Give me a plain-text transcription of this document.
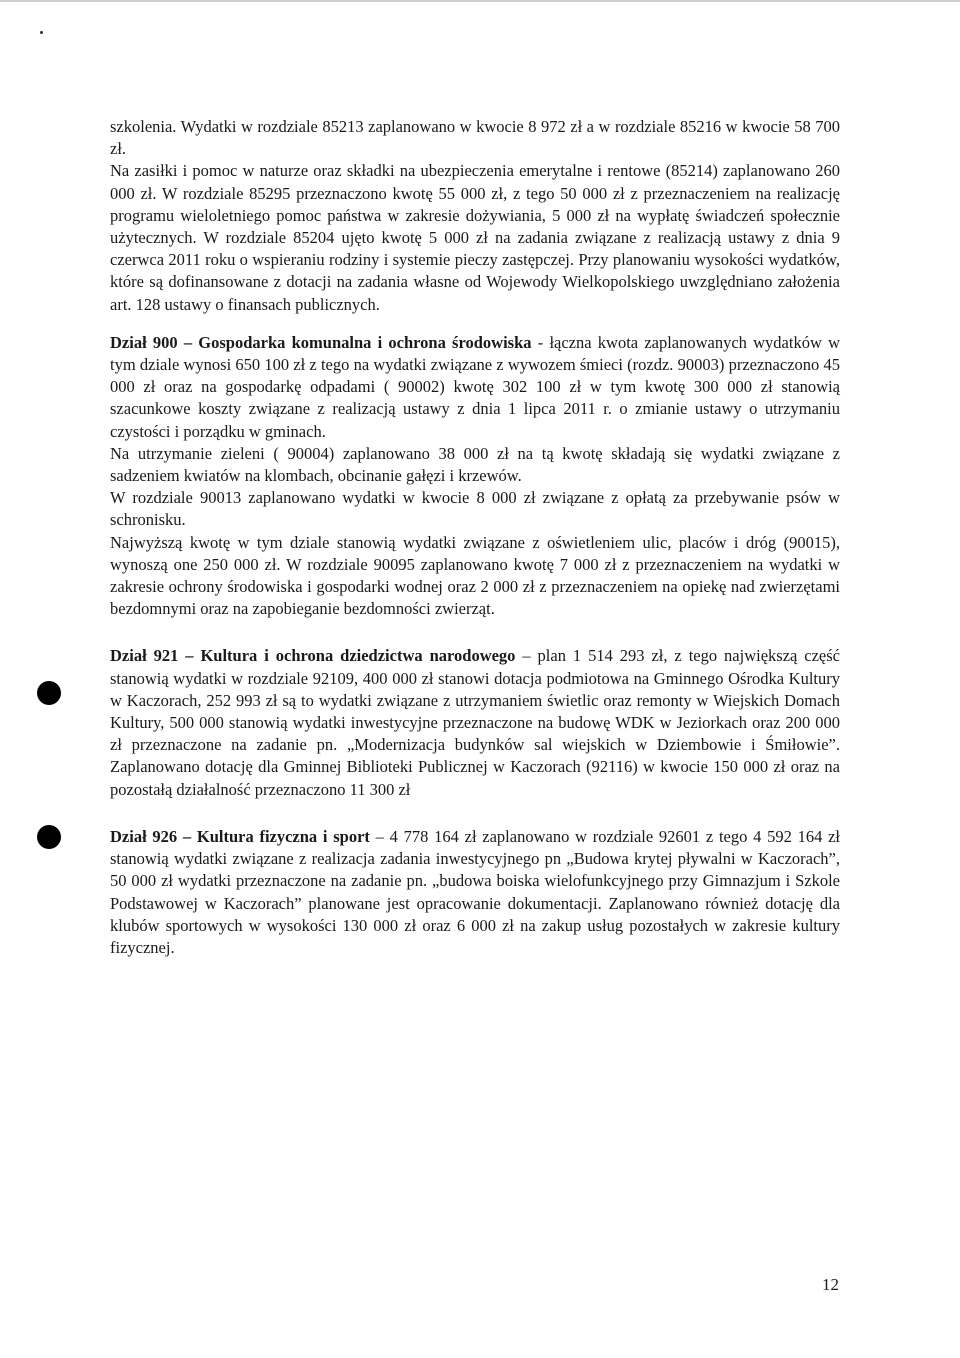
szkolenia. Wydatki w rozdziale 85213 zaplanowano w kwocie 8 972 zł a w rozdziale 85216 w kwocie 58 700 zł.

Na zasiłki i pomoc w naturze oraz składki na ubezpieczenia emerytalne i rentowe (85214) zaplanowano 260 000 zł. W rozdziale 85295 przeznaczono kwotę 55 000 zł, z tego 50 000 zł z przeznaczeniem na realizację programu wieloletniego pomoc państwa w zakresie dożywiania, 5 000 zł na wypłatę świadczeń społecznie użytecznych. W rozdziale 85204 ujęto kwotę 5 000 zł na zadania związane z realizacją ustawy z dnia 9 czerwca 2011 roku o wspieraniu rodziny i systemie pieczy zastępczej. Przy planowaniu wysokości wydatków, które są dofinansowane z dotacji na zadania własne od Wojewody Wielkopolskiego uwzględniano założenia art. 128 ustawy o finansach publicznych.

Dział 900 – Gospodarka komunalna i ochrona środowiska - łączna kwota zaplanowanych wydatków w tym dziale wynosi 650 100 zł z tego na wydatki związane z wywozem śmieci (rozdz. 90003) przeznaczono 45 000 zł oraz na gospodarkę odpadami ( 90002) kwotę 302 100 zł w tym kwotę 300 000 zł stanowią szacunkowe koszty związane z realizacją ustawy z dnia 1 lipca 2011 r. o zmianie ustawy o utrzymaniu czystości i porządku w gminach.

Na utrzymanie zieleni ( 90004) zaplanowano 38 000 zł na tą kwotę składają się wydatki związane z sadzeniem kwiatów na klombach, obcinanie gałęzi i krzewów.

W rozdziale 90013 zaplanowano wydatki w kwocie 8 000 zł związane z opłatą za przebywanie psów w schronisku.

Najwyższą kwotę w tym dziale stanowią wydatki związane z oświetleniem ulic, placów i dróg (90015), wynoszą one 250 000 zł. W rozdziale 90095 zaplanowano kwotę 7 000 zł z przeznaczeniem na wydatki w zakresie ochrony środowiska i gospodarki wodnej oraz 2 000 zł z przeznaczeniem na opiekę nad zwierzętami bezdomnymi oraz na zapobieganie bezdomności zwierząt.

Dział 921 – Kultura i ochrona dziedzictwa narodowego – plan 1 514 293 zł, z tego największą część stanowią wydatki w rozdziale 92109, 400 000 zł stanowi dotacja podmiotowa na Gminnego Ośrodka Kultury w Kaczorach, 252 993 zł są to wydatki związane z utrzymaniem świetlic oraz remonty w Wiejskich Domach Kultury, 500 000 stanowią wydatki inwestycyjne przeznaczone na budowę WDK w Jeziorkach oraz 200 000 zł przeznaczone na zadanie pn. „Modernizacja budynków sal wiejskich w Dziembowie i Śmiłowie”. Zaplanowano dotację dla Gminnej Biblioteki Publicznej w Kaczorach (92116) w kwocie 150 000 zł oraz na pozostałą działalność przeznaczono 11 300 zł

Dział 926 – Kultura fizyczna i sport – 4 778 164 zł zaplanowano w rozdziale 92601 z tego 4 592 164 zł stanowią wydatki związane z realizacja zadania inwestycyjnego pn „Budowa krytej pływalni w Kaczorach”, 50 000 zł wydatki przeznaczone na zadanie pn. „budowa boiska wielofunkcyjnego przy Gimnazjum i Szkole Podstawowej w Kaczorach” planowane jest opracowanie dokumentacji. Zaplanowano również dotację dla klubów sportowych w wysokości 130 000 zł oraz 6 000 zł na zakup usług pozostałych w zakresie kultury fizycznej.

12
